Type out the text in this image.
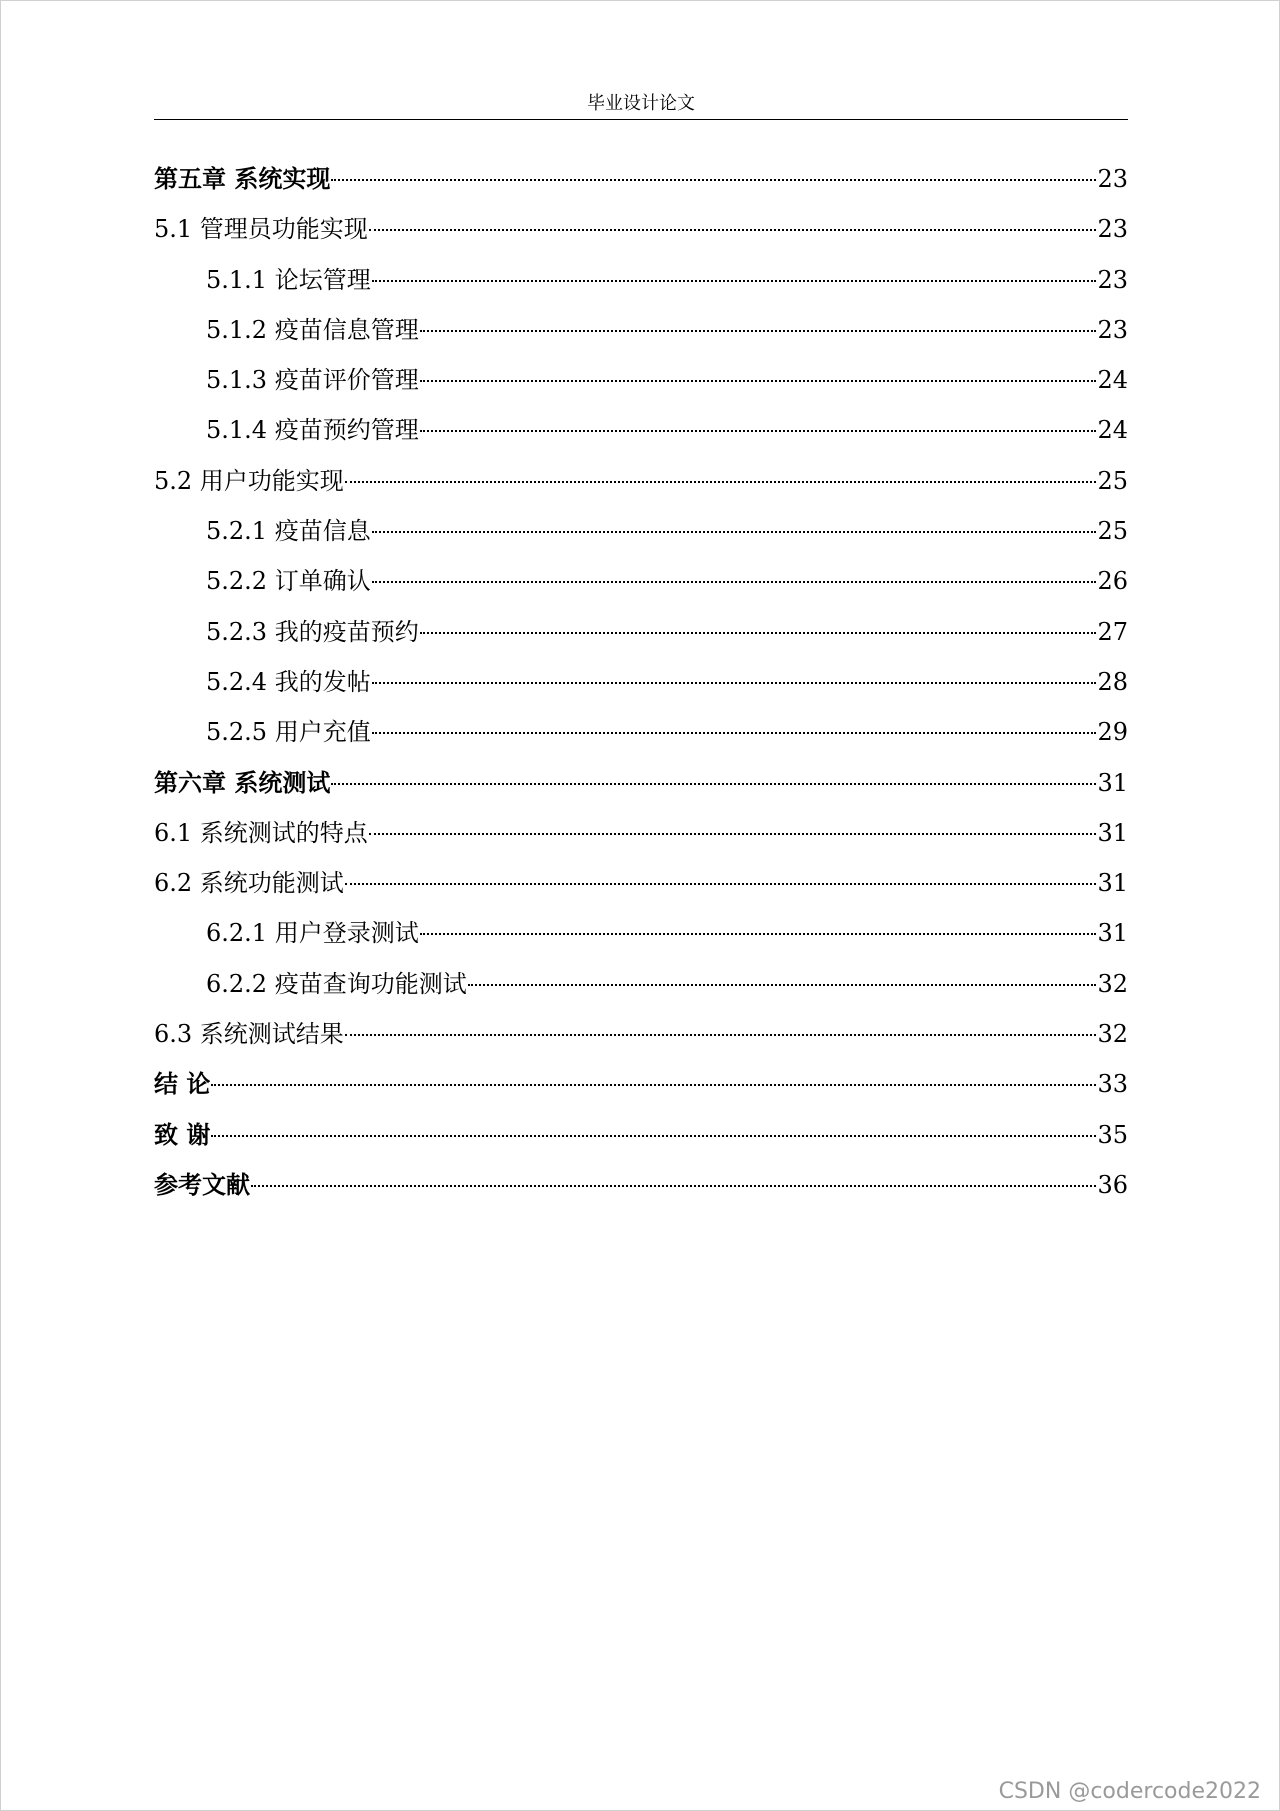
毕业设计论文
第五章 系统实现	23
5.1 管理员功能实现	23
5.1.1 论坛管理	23
5.1.2 疫苗信息管理	23
5.1.3 疫苗评价管理	24
5.1.4 疫苗预约管理	24
5.2 用户功能实现	25
5.2.1 疫苗信息	25
5.2.2 订单确认	26
5.2.3 我的疫苗预约	27
5.2.4 我的发帖	28
5.2.5 用户充值	29
第六章 系统测试	31
6.1 系统测试的特点	31
6.2 系统功能测试	31
6.2.1 用户登录测试	31
6.2.2 疫苗查询功能测试	32
6.3 系统测试结果	32
结 论	33
致 谢	35
参考文献	36
CSDN @codercode2022
